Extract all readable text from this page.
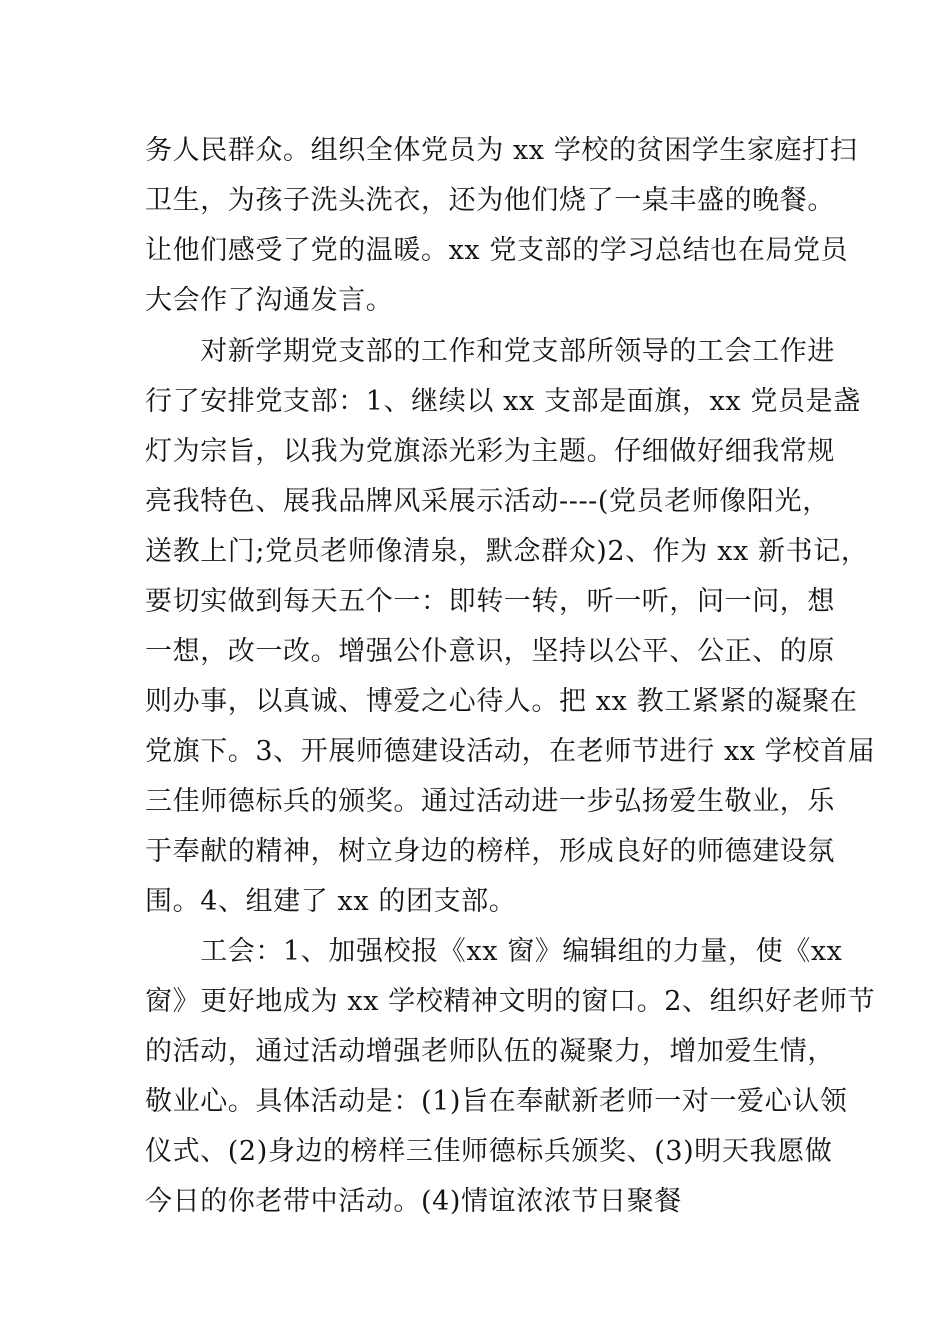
务人民群众。组织全体党员为 xx 学校的贫困学生家庭打扫
卫生，为孩子洗头洗衣，还为他们烧了一桌丰盛的晚餐。
让他们感受了党的温暖。xx 党支部的学习总结也在局党员
大会作了沟通发言。
　　对新学期党支部的工作和党支部所领导的工会工作进
行了安排党支部：1、继续以 xx 支部是面旗，xx 党员是盏
灯为宗旨，以我为党旗添光彩为主题。仔细做好细我常规
亮我特色、展我品牌风采展示活动----(党员老师像阳光，
送教上门;党员老师像清泉，默念群众)2、作为 xx 新书记，
要切实做到每天五个一：即转一转，听一听，问一问，想
一想，改一改。增强公仆意识，坚持以公平、公正、的原
则办事，以真诚、博爱之心待人。把 xx 教工紧紧的凝聚在
党旗下。3、开展师德建设活动，在老师节进行 xx 学校首届
三佳师德标兵的颁奖。通过活动进一步弘扬爱生敬业，乐
于奉献的精神，树立身边的榜样，形成良好的师德建设氛
围。4、组建了 xx 的团支部。
　　工会：1、加强校报《xx 窗》编辑组的力量，使《xx
窗》更好地成为 xx 学校精神文明的窗口。2、组织好老师节
的活动，通过活动增强老师队伍的凝聚力，增加爱生情，
敬业心。具体活动是：(1)旨在奉献新老师一对一爱心认领
仪式、(2)身边的榜样三佳师德标兵颁奖、(3)明天我愿做
今日的你老带中活动。(4)情谊浓浓节日聚餐
